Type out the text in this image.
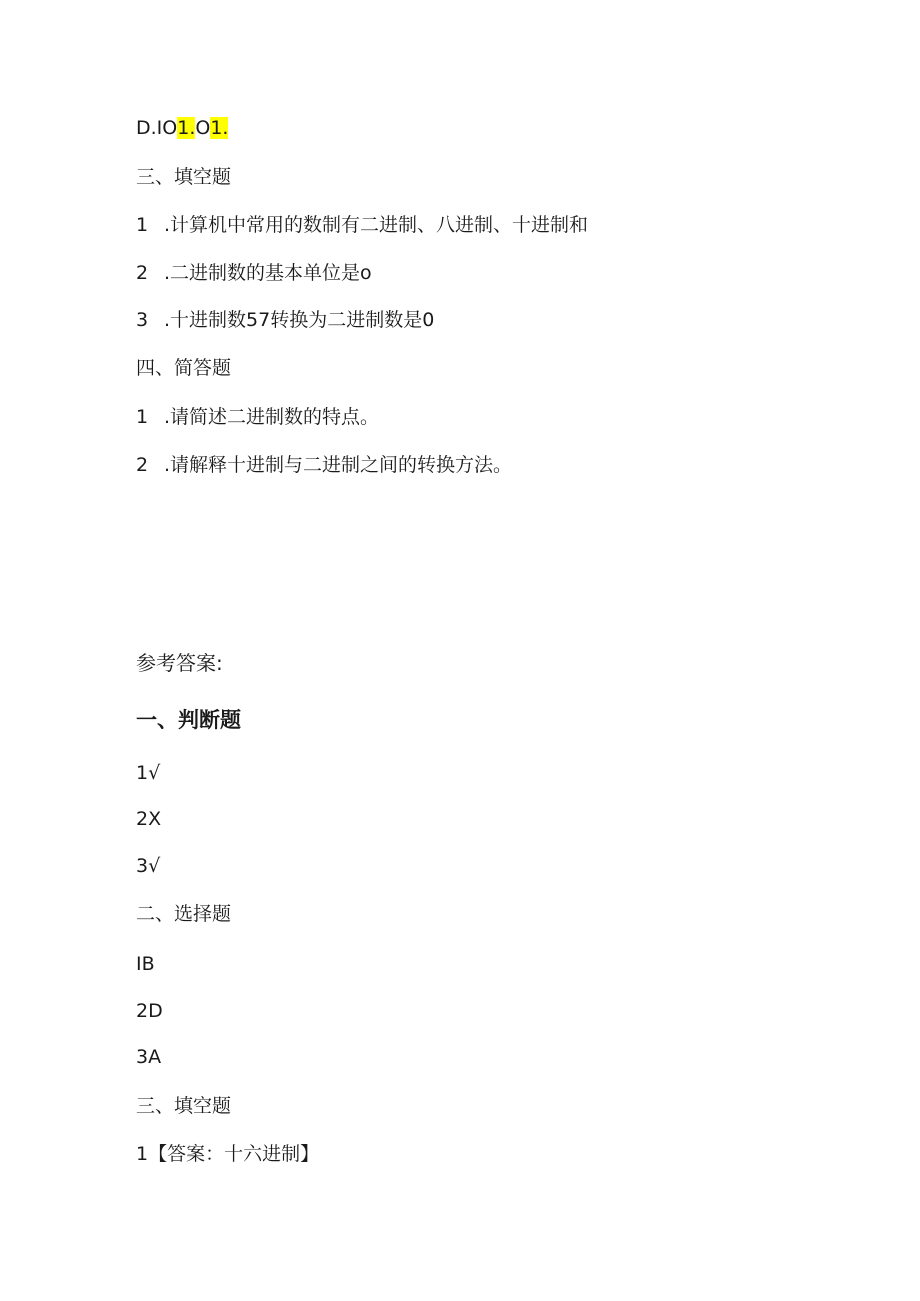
D.IO1.O1.
三、填空题
1 .计算机中常用的数制有二进制、八进制、十进制和
2 .二进制数的基本单位是o
3 .十进制数57转换为二进制数是0
四、简答题
1 .请简述二进制数的特点。
2 .请解释十进制与二进制之间的转换方法。
参考答案:
一、判断题
1√
2X
3√
二、选择题
IB
2D
3A
三、填空题
1【答案：十六进制】
